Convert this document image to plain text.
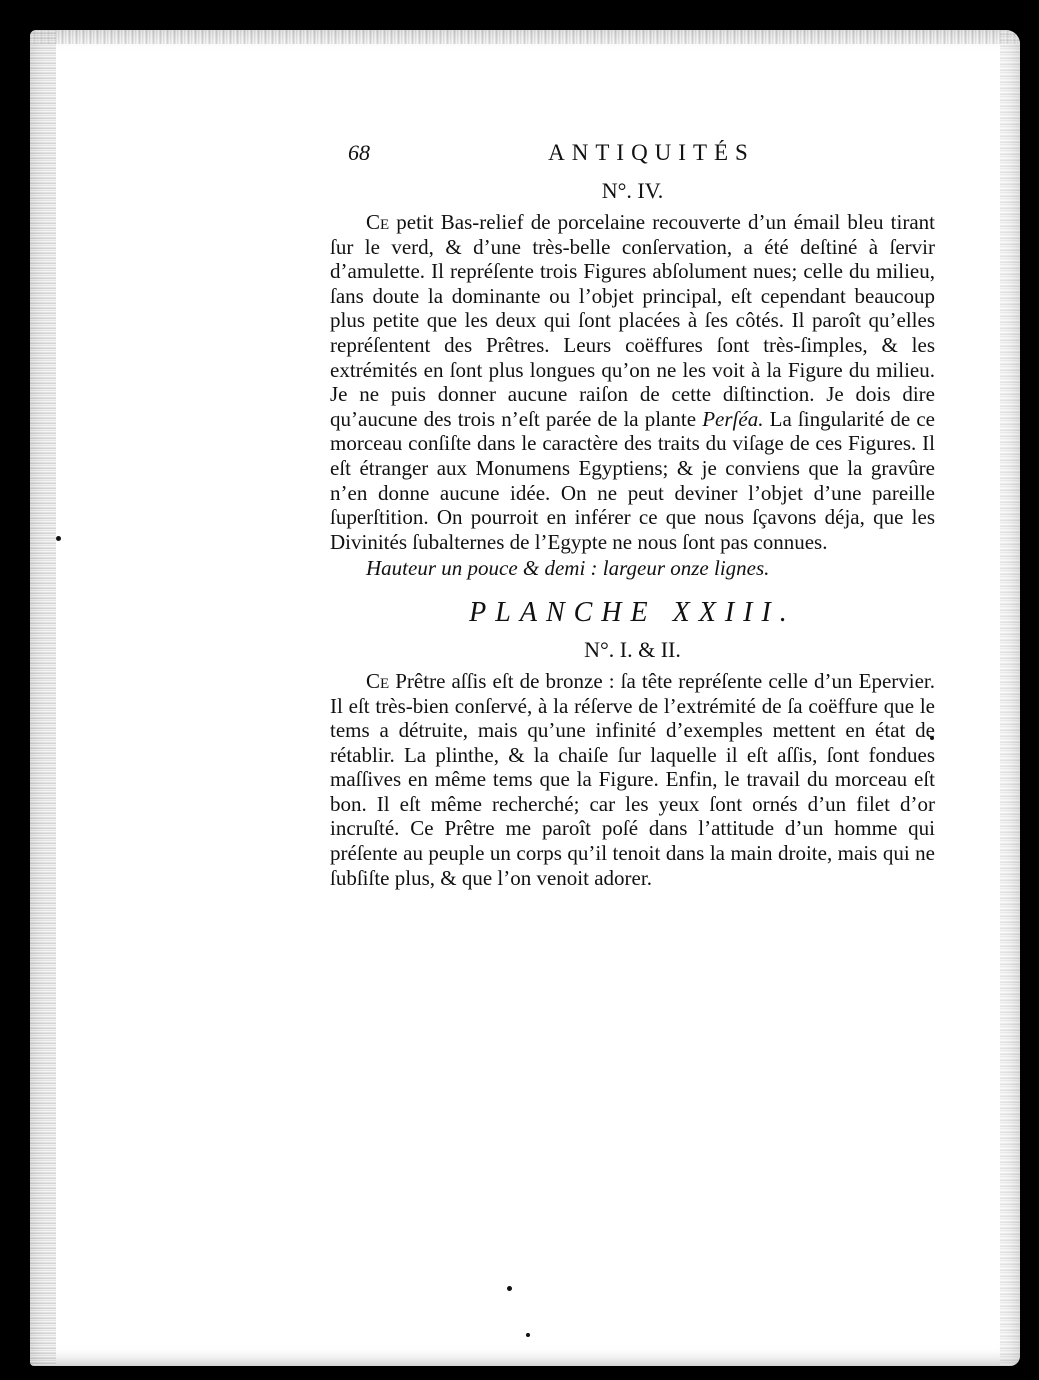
68	ANTIQUITÉS
N°. IV.

Ce petit Bas-relief de porcelaine recouverte d’un émail bleu tirant ſur le verd, & d’une très-belle conſervation, a été deſtiné à ſervir d’amulette. Il repréſente trois Figures abſolument nues; celle du milieu, ſans doute la dominante ou l’objet principal, eſt cependant beaucoup plus petite que les deux qui ſont placées à ſes côtés. Il paroît qu’elles repréſentent des Prêtres. Leurs coëffures ſont très-ſimples, & les extrémités en ſont plus longues qu’on ne les voit à la Figure du milieu. Je ne puis donner aucune raiſon de cette diſtinction. Je dois dire qu’aucune des trois n’eſt parée de la plante Perſéa. La ſingularité de ce morceau conſiſte dans le caractère des traits du viſage de ces Figures. Il eſt étranger aux Monumens Egyptiens; & je conviens que la gravûre n’en donne aucune idée. On ne peut deviner l’objet d’une pareille ſuperſtition. On pourroit en inférer ce que nous ſçavons déja, que les Divinités ſubalternes de l’Egypte ne nous ſont pas connues.

Hauteur un pouce & demi : largeur onze lignes.
PLANCHE XXIII.
N°. I. & II.

Ce Prêtre aſſis eſt de bronze : ſa tête repréſente celle d’un Epervier. Il eſt très-bien conſervé, à la réſerve de l’extrémité de ſa coëffure que le tems a détruite, mais qu’une infinité d’exemples mettent en état de rétablir. La plinthe, & la chaiſe ſur laquelle il eſt aſſis, ſont fondues maſſives en même tems que la Figure. Enfin, le travail du morceau eſt bon. Il eſt même recherché; car les yeux ſont ornés d’un filet d’or incruſté. Ce Prêtre me paroît poſé dans l’attitude d’un homme qui préſente au peuple un corps qu’il tenoit dans la main droite, mais qui ne ſubſiſte plus, & que l’on venoit adorer.
